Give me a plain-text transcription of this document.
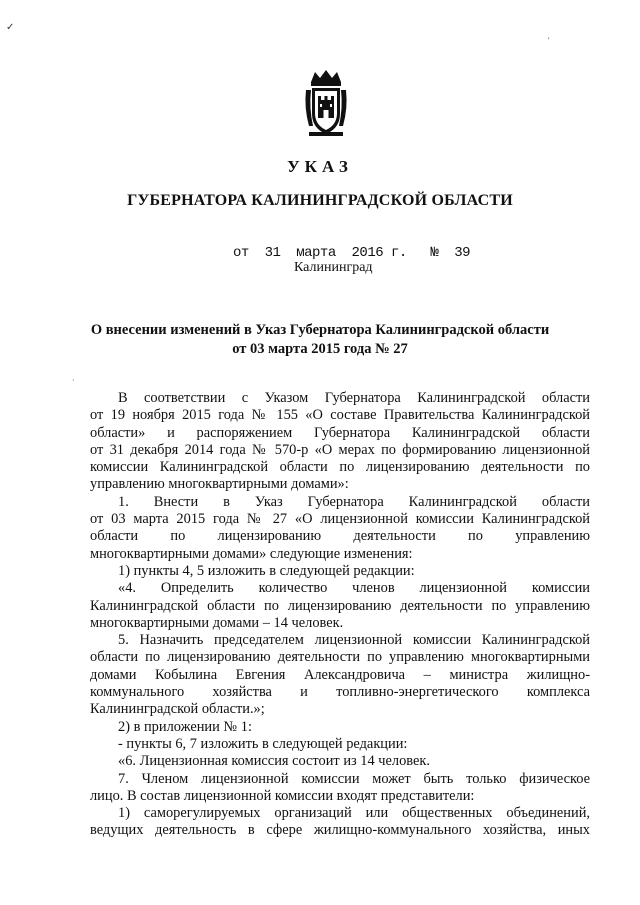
✓
'
·
УКАЗ
ГУБЕРНАТОРА КАЛИНИНГРАДСКОЙ ОБЛАСТИ
от  31  марта  2016 г.   №  39
Калининград
О внесении изменений в Указ Губернатора Калининградской области
от 03 марта 2015 года № 27

В соответствии с Указом Губернатора Калининградской области

от 19 ноября 2015 года № 155 «О составе Правительства Калининградской

области» и распоряжением Губернатора Калининградской области

от 31 декабря 2014 года № 570-р «О мерах по формированию лицензионной

комиссии Калининградской области по лицензированию деятельности по

управлению многоквартирными домами»:

1. Внести в Указ Губернатора Калининградской области

от 03 марта 2015 года № 27 «О лицензионной комиссии Калининградской

области по лицензированию деятельности по управлению

многоквартирными домами» следующие изменения:

1) пункты 4, 5 изложить в следующей редакции:

«4. Определить количество членов лицензионной комиссии

Калининградской области по лицензированию деятельности по управлению

многоквартирными домами – 14 человек.

5. Назначить председателем лицензионной комиссии Калининградской

области по лицензированию деятельности по управлению многоквартирными

домами Кобылина Евгения Александровича – министра жилищно-

коммунального хозяйства и топливно-энергетического комплекса

Калининградской области.»;

2) в приложении № 1:

- пункты 6, 7 изложить в следующей редакции:

«6. Лицензионная комиссия состоит из 14 человек.

7. Членом лицензионной комиссии может быть только физическое

лицо. В состав лицензионной комиссии входят представители:

1) саморегулируемых организаций или общественных объединений,

ведущих деятельность в сфере жилищно-коммунального хозяйства, иных
